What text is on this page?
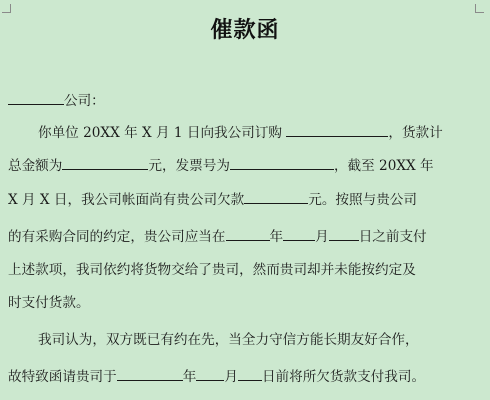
催款函
公司：
你单位 20XX 年 X 月 1 日向我公司订购	，货款计
总金额为	元，发票号为	，截至 20XX 年
X 月 X 日，我公司帐面尚有贵公司欠款	元。按照与贵公司
的有采购合同的约定，贵公司应当在	年 月 日之前支付
上述款项，我司依约将货物交给了贵司，然而贵司却并未能按约定及
时支付货款。
我司认为，双方既已有约在先，当全力守信方能长期友好合作，
故特致函请贵司于	年 月 日前将所欠货款支付我司。
